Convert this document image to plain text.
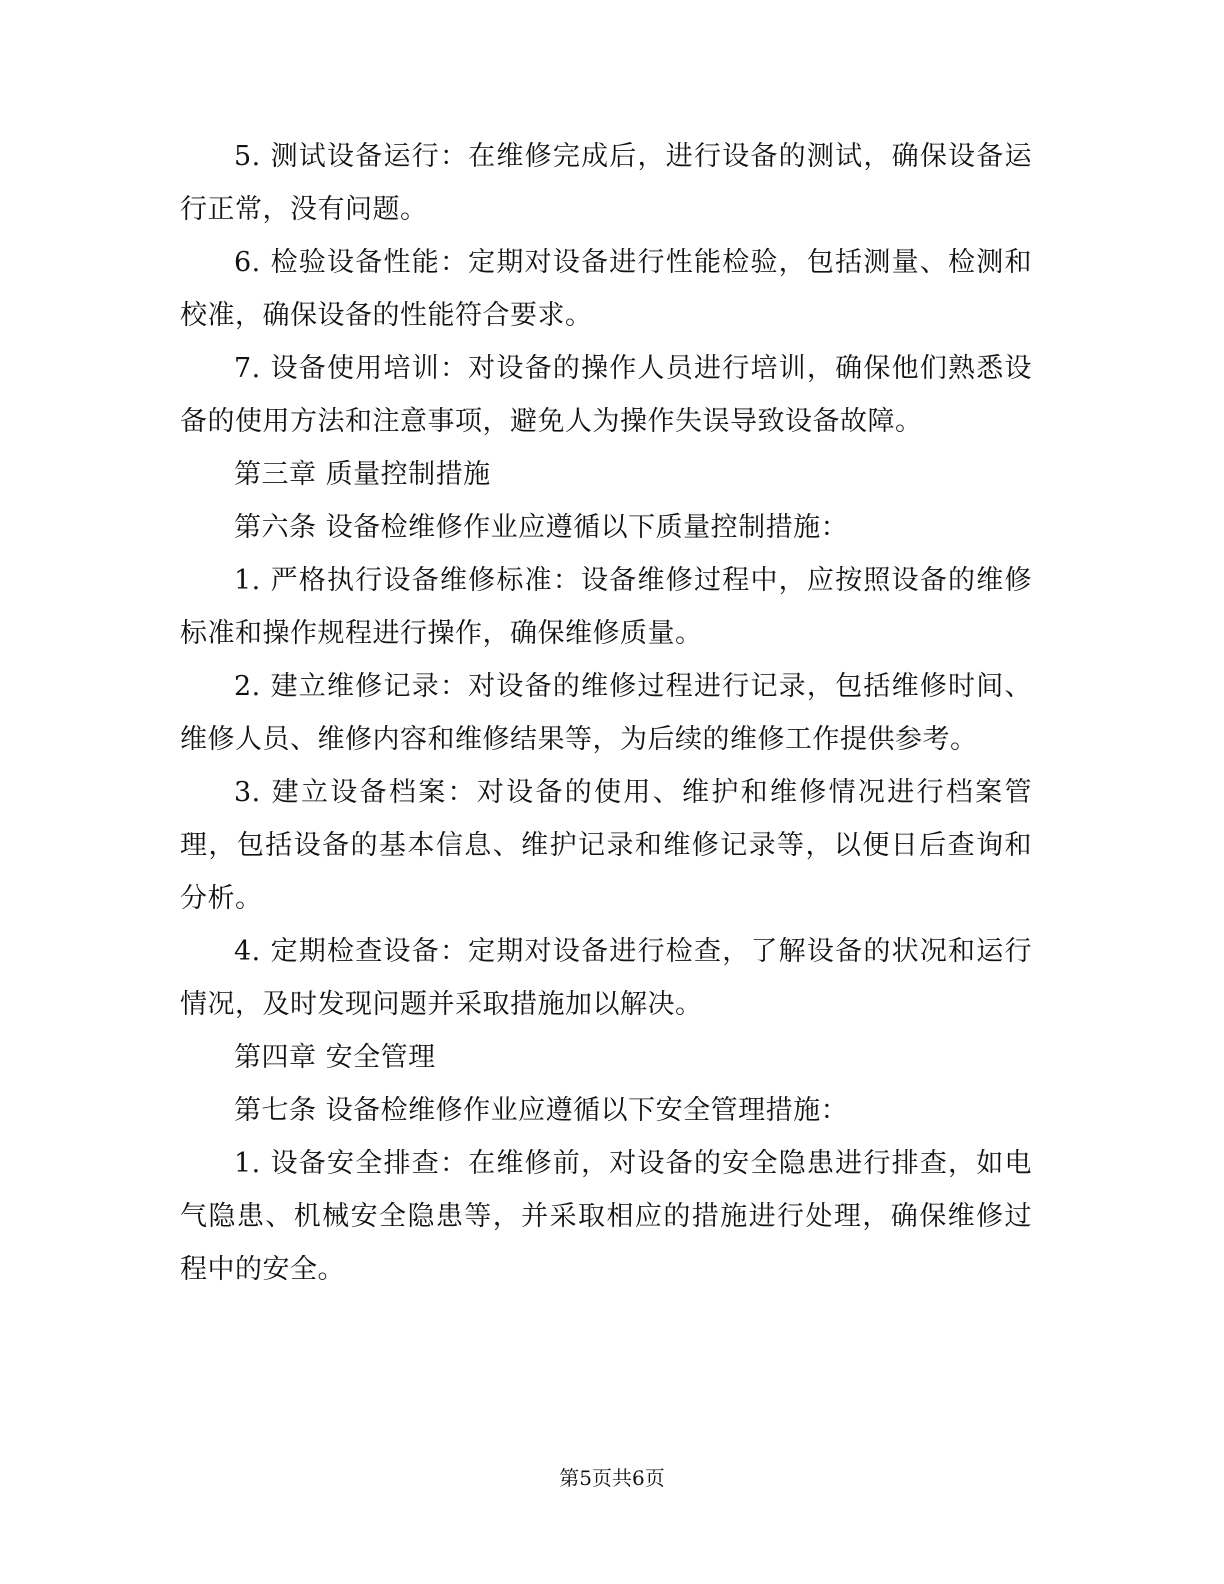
5. 测试设备运行：在维修完成后，进行设备的测试，确保设备运行正常，没有问题。

6. 检验设备性能：定期对设备进行性能检验，包括测量、检测和校准，确保设备的性能符合要求。

7. 设备使用培训：对设备的操作人员进行培训，确保他们熟悉设备的使用方法和注意事项，避免人为操作失误导致设备故障。

第三章 质量控制措施

第六条 设备检维修作业应遵循以下质量控制措施：

1. 严格执行设备维修标准：设备维修过程中，应按照设备的维修标准和操作规程进行操作，确保维修质量。

2. 建立维修记录：对设备的维修过程进行记录，包括维修时间、维修人员、维修内容和维修结果等，为后续的维修工作提供参考。

3. 建立设备档案：对设备的使用、维护和维修情况进行档案管理，包括设备的基本信息、维护记录和维修记录等，以便日后查询和分析。

4. 定期检查设备：定期对设备进行检查，了解设备的状况和运行情况，及时发现问题并采取措施加以解决。

第四章 安全管理

第七条 设备检维修作业应遵循以下安全管理措施：

1. 设备安全排查：在维修前，对设备的安全隐患进行排查，如电气隐患、机械安全隐患等，并采取相应的措施进行处理，确保维修过程中的安全。

第5页共6页
